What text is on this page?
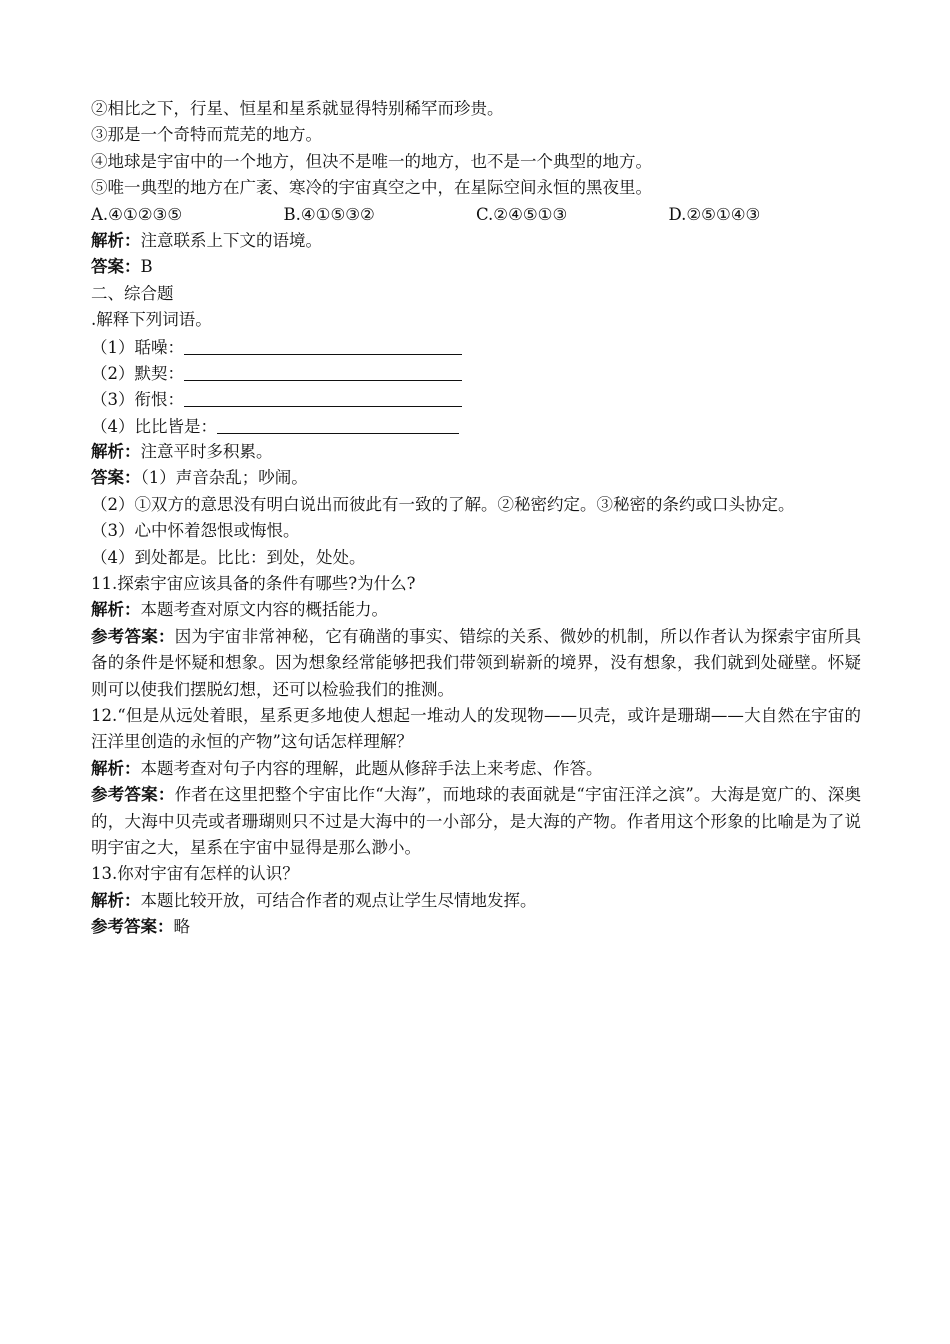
②相比之下，行星、恒星和星系就显得特别稀罕而珍贵。
③那是一个奇特而荒芜的地方。
④地球是宇宙中的一个地方，但决不是唯一的地方，也不是一个典型的地方。
⑤唯一典型的地方在广袤、寒冷的宇宙真空之中，在星际空间永恒的黑夜里。
A.④①②③⑤	B.④①⑤③②	C.②④⑤①③	D.②⑤①④③
解析：注意联系上下文的语境。
答案：B
二、综合题
.解释下列词语。
（1）聒噪：
（2）默契：
（3）衔恨：
（4）比比皆是：
解析：注意平时多积累。
答案：（1）声音杂乱；吵闹。
（2）①双方的意思没有明白说出而彼此有一致的了解。②秘密约定。③秘密的条约或口头协定。
（3）心中怀着怨恨或悔恨。
（4）到处都是。比比：到处，处处。
11.探索宇宙应该具备的条件有哪些?为什么?
解析：本题考查对原文内容的概括能力。
参考答案：因为宇宙非常神秘，它有确凿的事实、错综的关系、微妙的机制，所以作者认为探索宇宙所具备的条件是怀疑和想象。因为想象经常能够把我们带领到崭新的境界，没有想象，我们就到处碰壁。怀疑则可以使我们摆脱幻想，还可以检验我们的推测。
12.“但是从远处着眼，星系更多地使人想起一堆动人的发现物——贝壳，或许是珊瑚——大自然在宇宙的汪洋里创造的永恒的产物”这句话怎样理解？
解析：本题考查对句子内容的理解，此题从修辞手法上来考虑、作答。
参考答案：作者在这里把整个宇宙比作“大海”，而地球的表面就是“宇宙汪洋之滨”。大海是宽广的、深奥的，大海中贝壳或者珊瑚则只不过是大海中的一小部分，是大海的产物。作者用这个形象的比喻是为了说明宇宙之大，星系在宇宙中显得是那么渺小。
13.你对宇宙有怎样的认识？
解析：本题比较开放，可结合作者的观点让学生尽情地发挥。
参考答案：略
